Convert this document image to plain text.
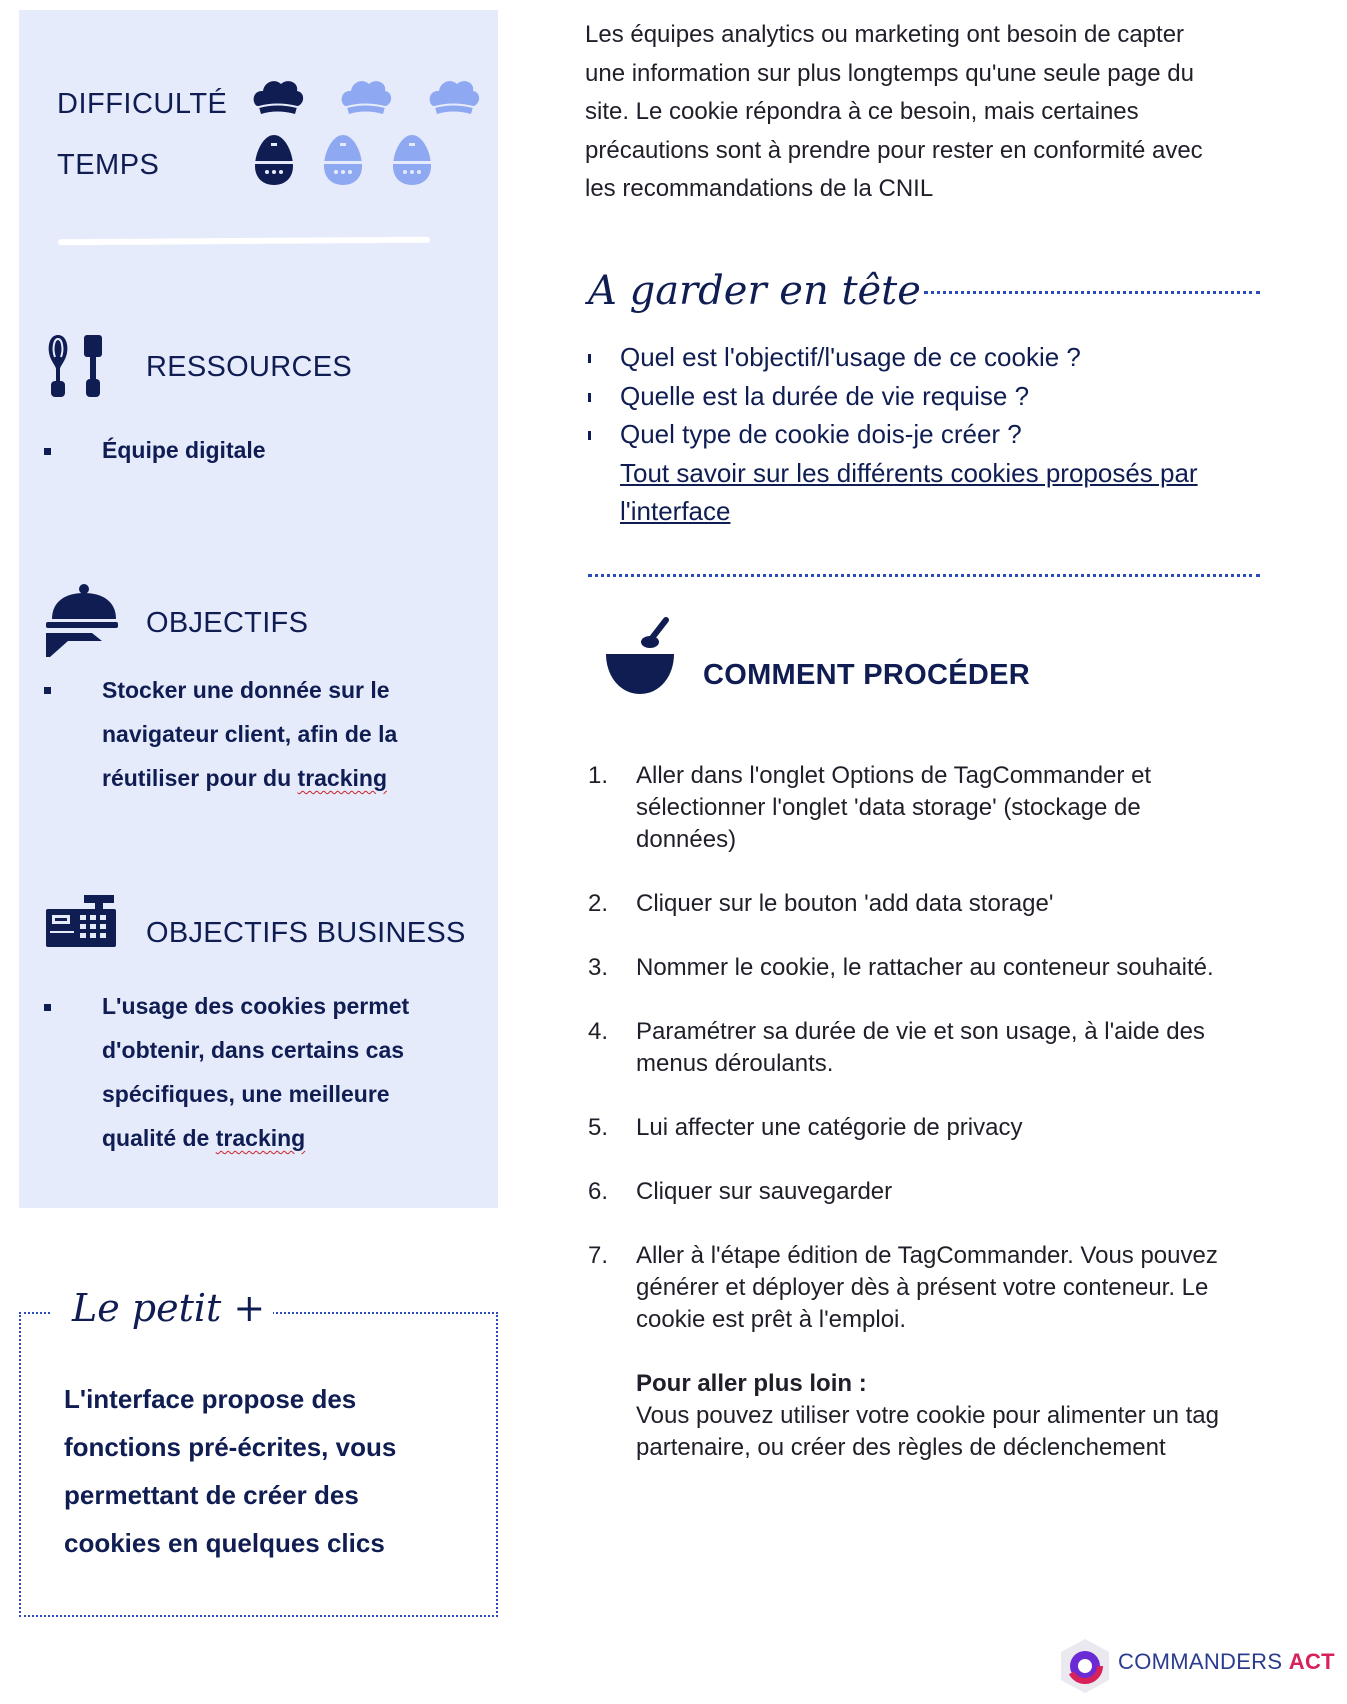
DIFFICULTÉ
TEMPS
RESSOURCES
Équipe digitale
OBJECTIFS
Stocker une donnée sur le
navigateur client, afin de la
réutiliser pour du tracking
OBJECTIFS BUSINESS
L'usage des cookies permet
d'obtenir, dans certains cas
spécifiques, une meilleure
qualité de tracking
Le petit +
L'interface propose des
fonctions pré-écrites, vous
permettant de créer des
cookies en quelques clics
Les équipes analytics ou marketing ont besoin de capter
une information sur plus longtemps qu'une seule page du
site. Le cookie répondra à ce besoin, mais certaines
précautions sont à prendre pour rester en conformité avec
les recommandations de la CNIL
A garder en tête
Quel est l'objectif/l'usage de ce cookie ?
Quelle est la durée de vie requise ?
Quel type de cookie dois-je créer ?
Tout savoir sur les différents cookies proposés par
l'interface
COMMENT PROCÉDER
1. Aller dans l'onglet Options de TagCommander et
sélectionner l'onglet 'data storage' (stockage de
données)
2. Cliquer sur le bouton 'add data storage'
3. Nommer le cookie, le rattacher au conteneur souhaité.
4. Paramétrer sa durée de vie et son usage, à l'aide des
menus déroulants.
5. Lui affecter une catégorie de privacy
6. Cliquer sur sauvegarder
7. Aller à l'étape édition de TagCommander. Vous pouvez
générer et déployer dès à présent votre conteneur. Le
cookie est prêt à l'emploi.
Pour aller plus loin :
Vous pouvez utiliser votre cookie pour alimenter un tag
partenaire, ou créer des règles de déclenchement
COMMANDERS ACT
